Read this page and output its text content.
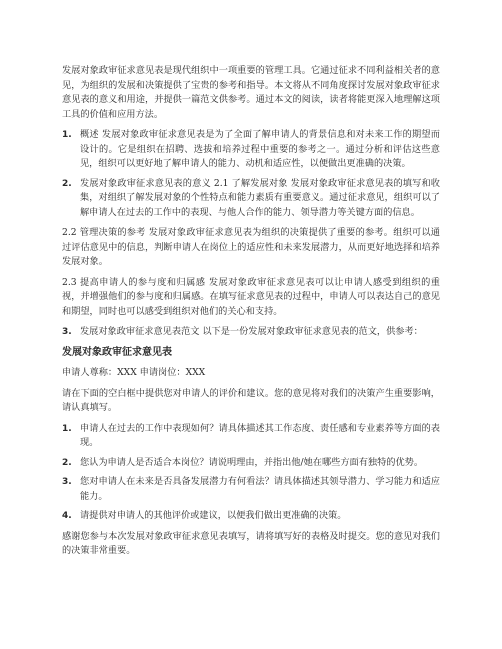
发展对象政审征求意见表是现代组织中一项重要的管理工具。它通过征求不同利益相关者的意见，为组织的发展和决策提供了宝贵的参考和指导。本文将从不同角度探讨发展对象政审征求意见表的意义和用途，并提供一篇范文供参考。通过本文的阅读，读者将能更深入地理解这项工具的价值和应用方法。

1. 概述 发展对象政审征求意见表是为了全面了解申请人的背景信息和对未来工作的期望而设计的。它是组织在招聘、选拔和培养过程中重要的参考之一。通过分析和评估这些意见，组织可以更好地了解申请人的能力、动机和适应性，以便做出更准确的决策。
2. 发展对象政审征求意见表的意义 2.1 了解发展对象 发展对象政审征求意见表的填写和收集，对组织了解发展对象的个性特点和能力素质有重要意义。通过征求意见，组织可以了解申请人在过去的工作中的表现、与他人合作的能力、领导潜力等关键方面的信息。

2.2 管理决策的参考 发展对象政审征求意见表为组织的决策提供了重要的参考。组织可以通过评估意见中的信息，判断申请人在岗位上的适应性和未来发展潜力，从而更好地选择和培养发展对象。

2.3 提高申请人的参与度和归属感 发展对象政审征求意见表可以让申请人感受到组织的重视，并增强他们的参与度和归属感。在填写征求意见表的过程中，申请人可以表达自己的意见和期望，同时也可以感受到组织对他们的关心和支持。

3. 发展对象政审征求意见表范文 以下是一份发展对象政审征求意见表的范文，供参考：
发展对象政审征求意见表

申请人尊称：XXX 申请岗位：XXX

请在下面的空白框中提供您对申请人的评价和建议。您的意见将对我们的决策产生重要影响，请认真填写。

1. 申请人在过去的工作中表现如何？请具体描述其工作态度、责任感和专业素养等方面的表现。
2. 您认为申请人是否适合本岗位？请说明理由，并指出他/她在哪些方面有独特的优势。
3. 您对申请人在未来是否具备发展潜力有何看法？请具体描述其领导潜力、学习能力和适应能力。
4. 请提供对申请人的其他评价或建议，以便我们做出更准确的决策。

感谢您参与本次发展对象政审征求意见表填写，请将填写好的表格及时提交。您的意见对我们的决策非常重要。
